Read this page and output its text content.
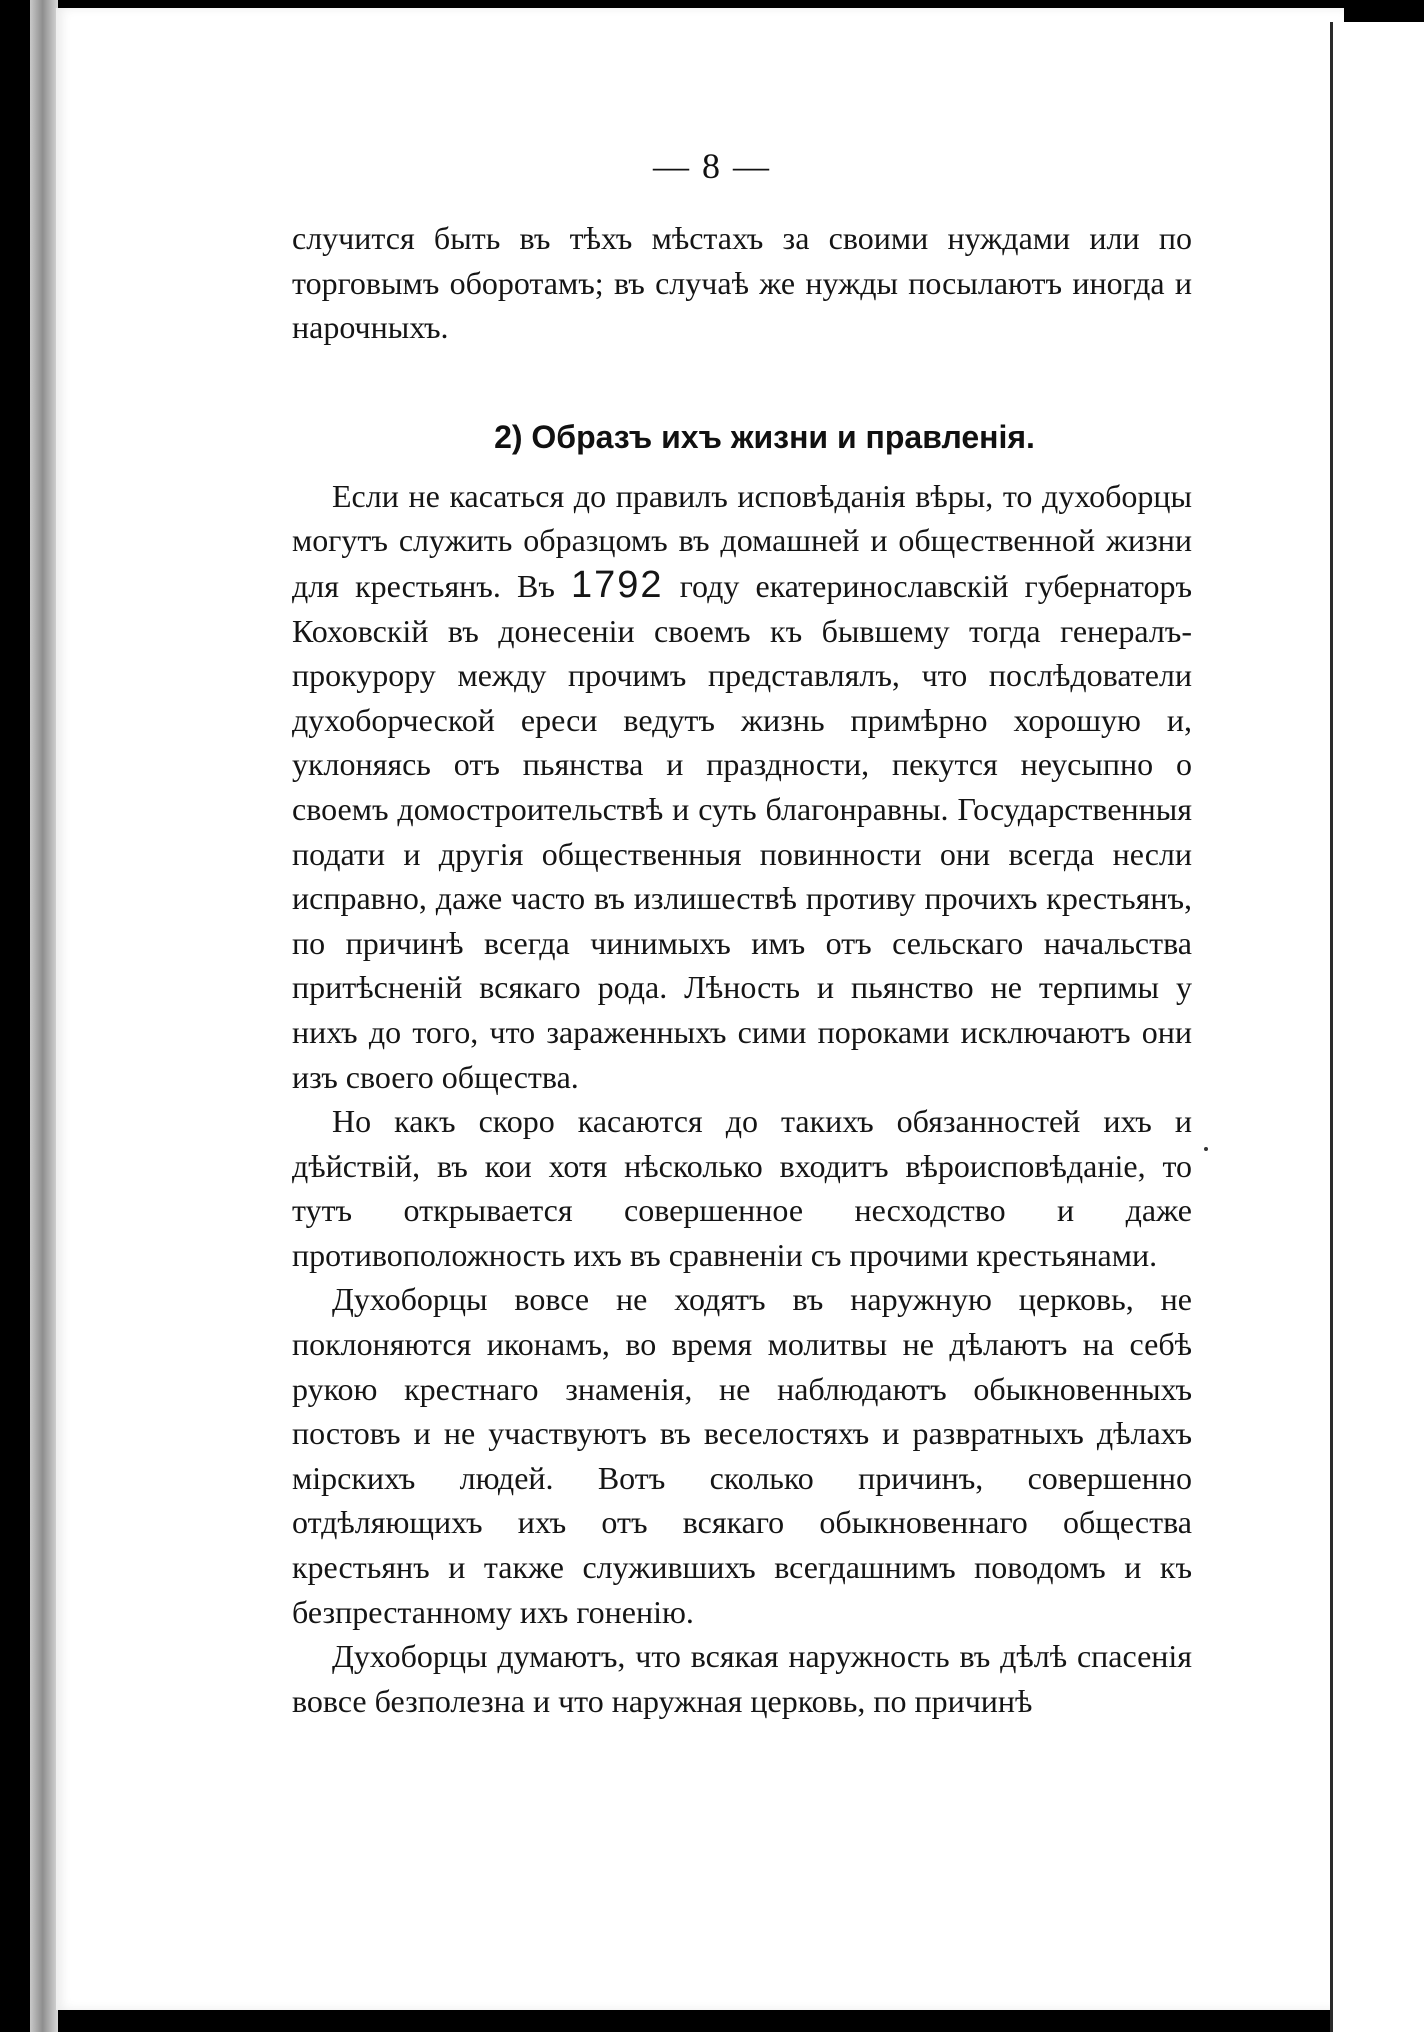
— 8 —

случится быть въ тѣхъ мѣстахъ за своими нуждами или по торговымъ оборотамъ; въ случаѣ же нужды посылаютъ иногда и нарочныхъ.

2) Образъ ихъ жизни и правленія.

Если не касаться до правилъ исповѣданія вѣры, то духоборцы могутъ служить образцомъ въ домашней и общественной жизни для крестьянъ. Въ 1792 году екатеринославскій губернаторъ Коховскій въ донесеніи своемъ къ бывшему тогда генералъ-прокурору между прочимъ представлялъ, что послѣдователи духоборческой ереси ведутъ жизнь примѣрно хорошую и, уклоняясь отъ пьянства и праздности, пекутся неусыпно о своемъ домостроительствѣ и суть благонравны. Государственныя подати и другія общественныя повинности они всегда несли исправно, даже часто въ излишествѣ противу прочихъ крестьянъ, по причинѣ всегда чинимыхъ имъ отъ сельскаго начальства притѣсненій всякаго рода. Лѣность и пьянство не терпимы у нихъ до того, что зараженныхъ сими пороками исключаютъ они изъ своего общества.

Но какъ скоро касаются до такихъ обязанностей ихъ и дѣйствій, въ кои хотя нѣсколько входитъ вѣроисповѣданіе, то тутъ открывается совершенное несходство и даже противоположность ихъ въ сравненіи съ прочими крестьянами.

Духоборцы вовсе не ходятъ въ наружную церковь, не поклоняются иконамъ, во время молитвы не дѣлаютъ на себѣ рукою крестнаго знаменія, не наблюдаютъ обыкновенныхъ постовъ и не участвуютъ въ веселостяхъ и развратныхъ дѣлахъ мірскихъ людей. Вотъ сколько причинъ, совершенно отдѣляющихъ ихъ отъ всякаго обыкновеннаго общества крестьянъ и также служившихъ всегдашнимъ поводомъ и къ безпрестанному ихъ гоненію.

Духоборцы думаютъ, что всякая наружность въ дѣлѣ спасенія вовсе безполезна и что наружная церковь, по причинѣ
